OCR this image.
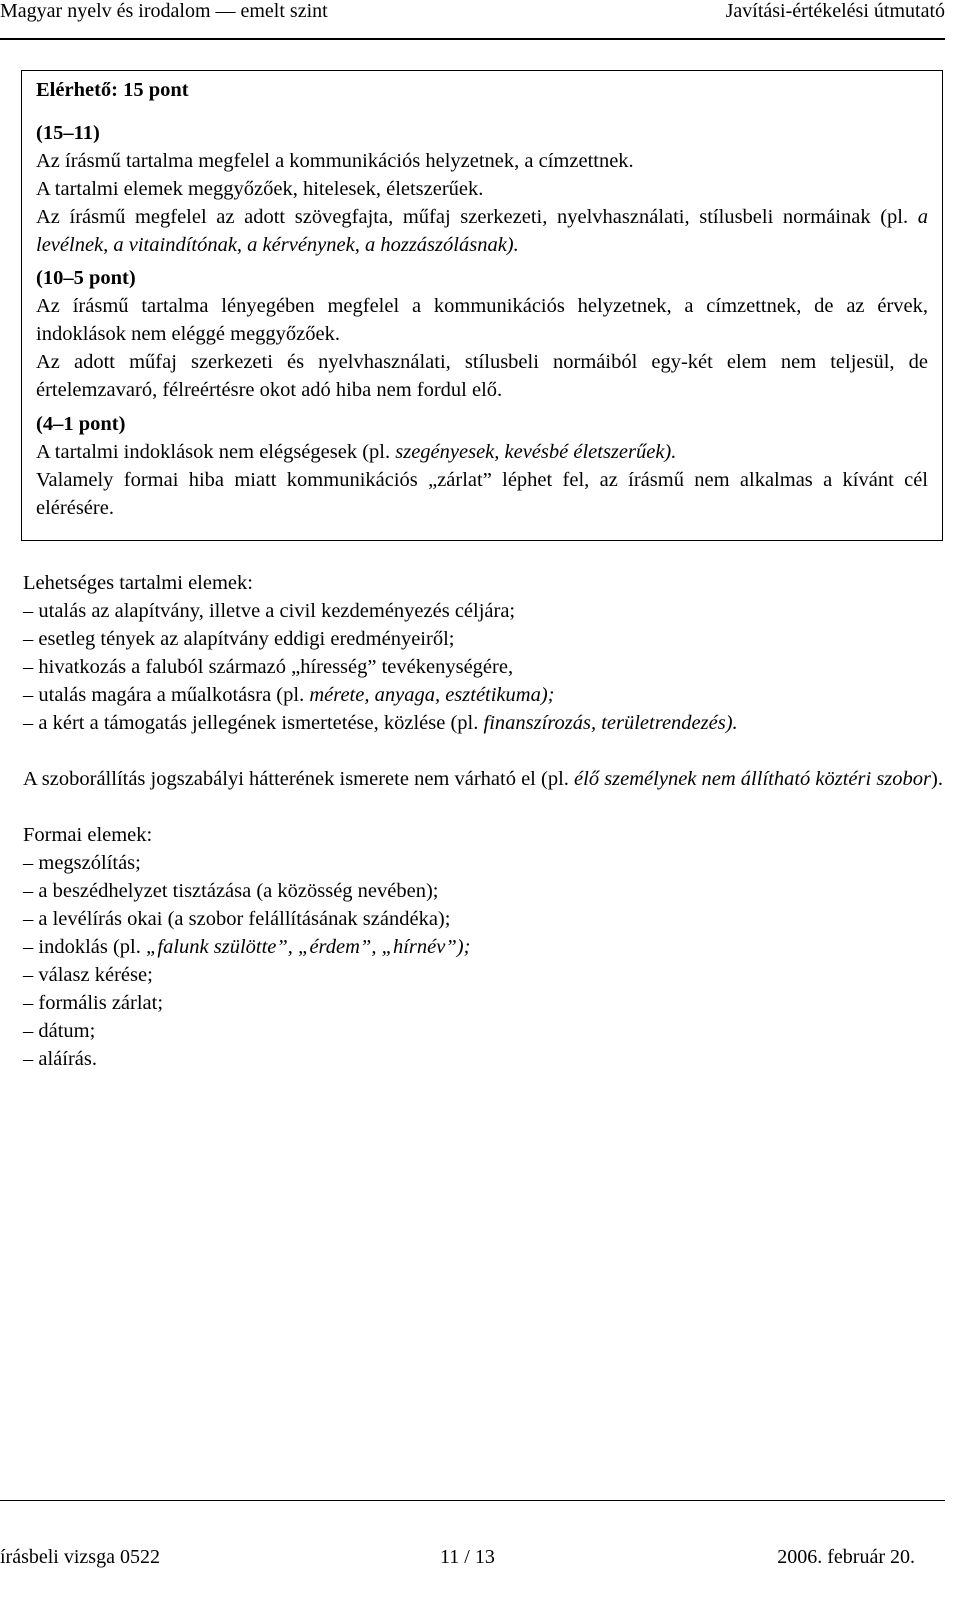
Magyar nyelv és irodalom — emelt szint	Javítási-értékelési útmutató

Elérhető: 15 pont

(15–11)

Az írásmű tartalma megfelel a kommunikációs helyzetnek, a címzettnek.

A tartalmi elemek meggyőzőek, hitelesek, életszerűek.

Az írásmű megfelel az adott szövegfajta, műfaj szerkezeti, nyelvhasználati, stílusbeli normáinak (pl. a levélnek, a vitaindítónak, a kérvénynek, a hozzászólásnak).

(10–5 pont)

Az írásmű tartalma lényegében megfelel a kommunikációs helyzetnek, a címzettnek, de az érvek, indoklások nem eléggé meggyőzőek.

Az adott műfaj szerkezeti és nyelvhasználati, stílusbeli normáiból egy-két elem nem teljesül, de értelemzavaró, félreértésre okot adó hiba nem fordul elő.

(4–1 pont)

A tartalmi indoklások nem elégségesek (pl. szegényesek, kevésbé életszerűek).

Valamely formai hiba miatt kommunikációs „zárlat” léphet fel, az írásmű nem alkalmas a kívánt cél elérésére.

Lehetséges tartalmi elemek:

– utalás az alapítvány, illetve a civil kezdeményezés céljára;
– esetleg tények az alapítvány eddigi eredményeiről;
– hivatkozás a faluból származó „híresség” tevékenységére,
– utalás magára a műalkotásra (pl. mérete, anyaga, esztétikuma);
– a kért a támogatás jellegének ismertetése, közlése (pl. finanszírozás, területrendezés).

A szoborállítás jogszabályi hátterének ismerete nem várható el (pl. élő személynek nem állítható köztéri szobor).

Formai elemek:

– megszólítás;
– a beszédhelyzet tisztázása (a közösség nevében);
– a levélírás okai (a szobor felállításának szándéka);
– indoklás (pl. „falunk szülötte”, „érdem”, „hírnév”);
– válasz kérése;
– formális zárlat;
– dátum;
– aláírás.
írásbeli vizsga 0522	11 / 13	2006. február 20.
